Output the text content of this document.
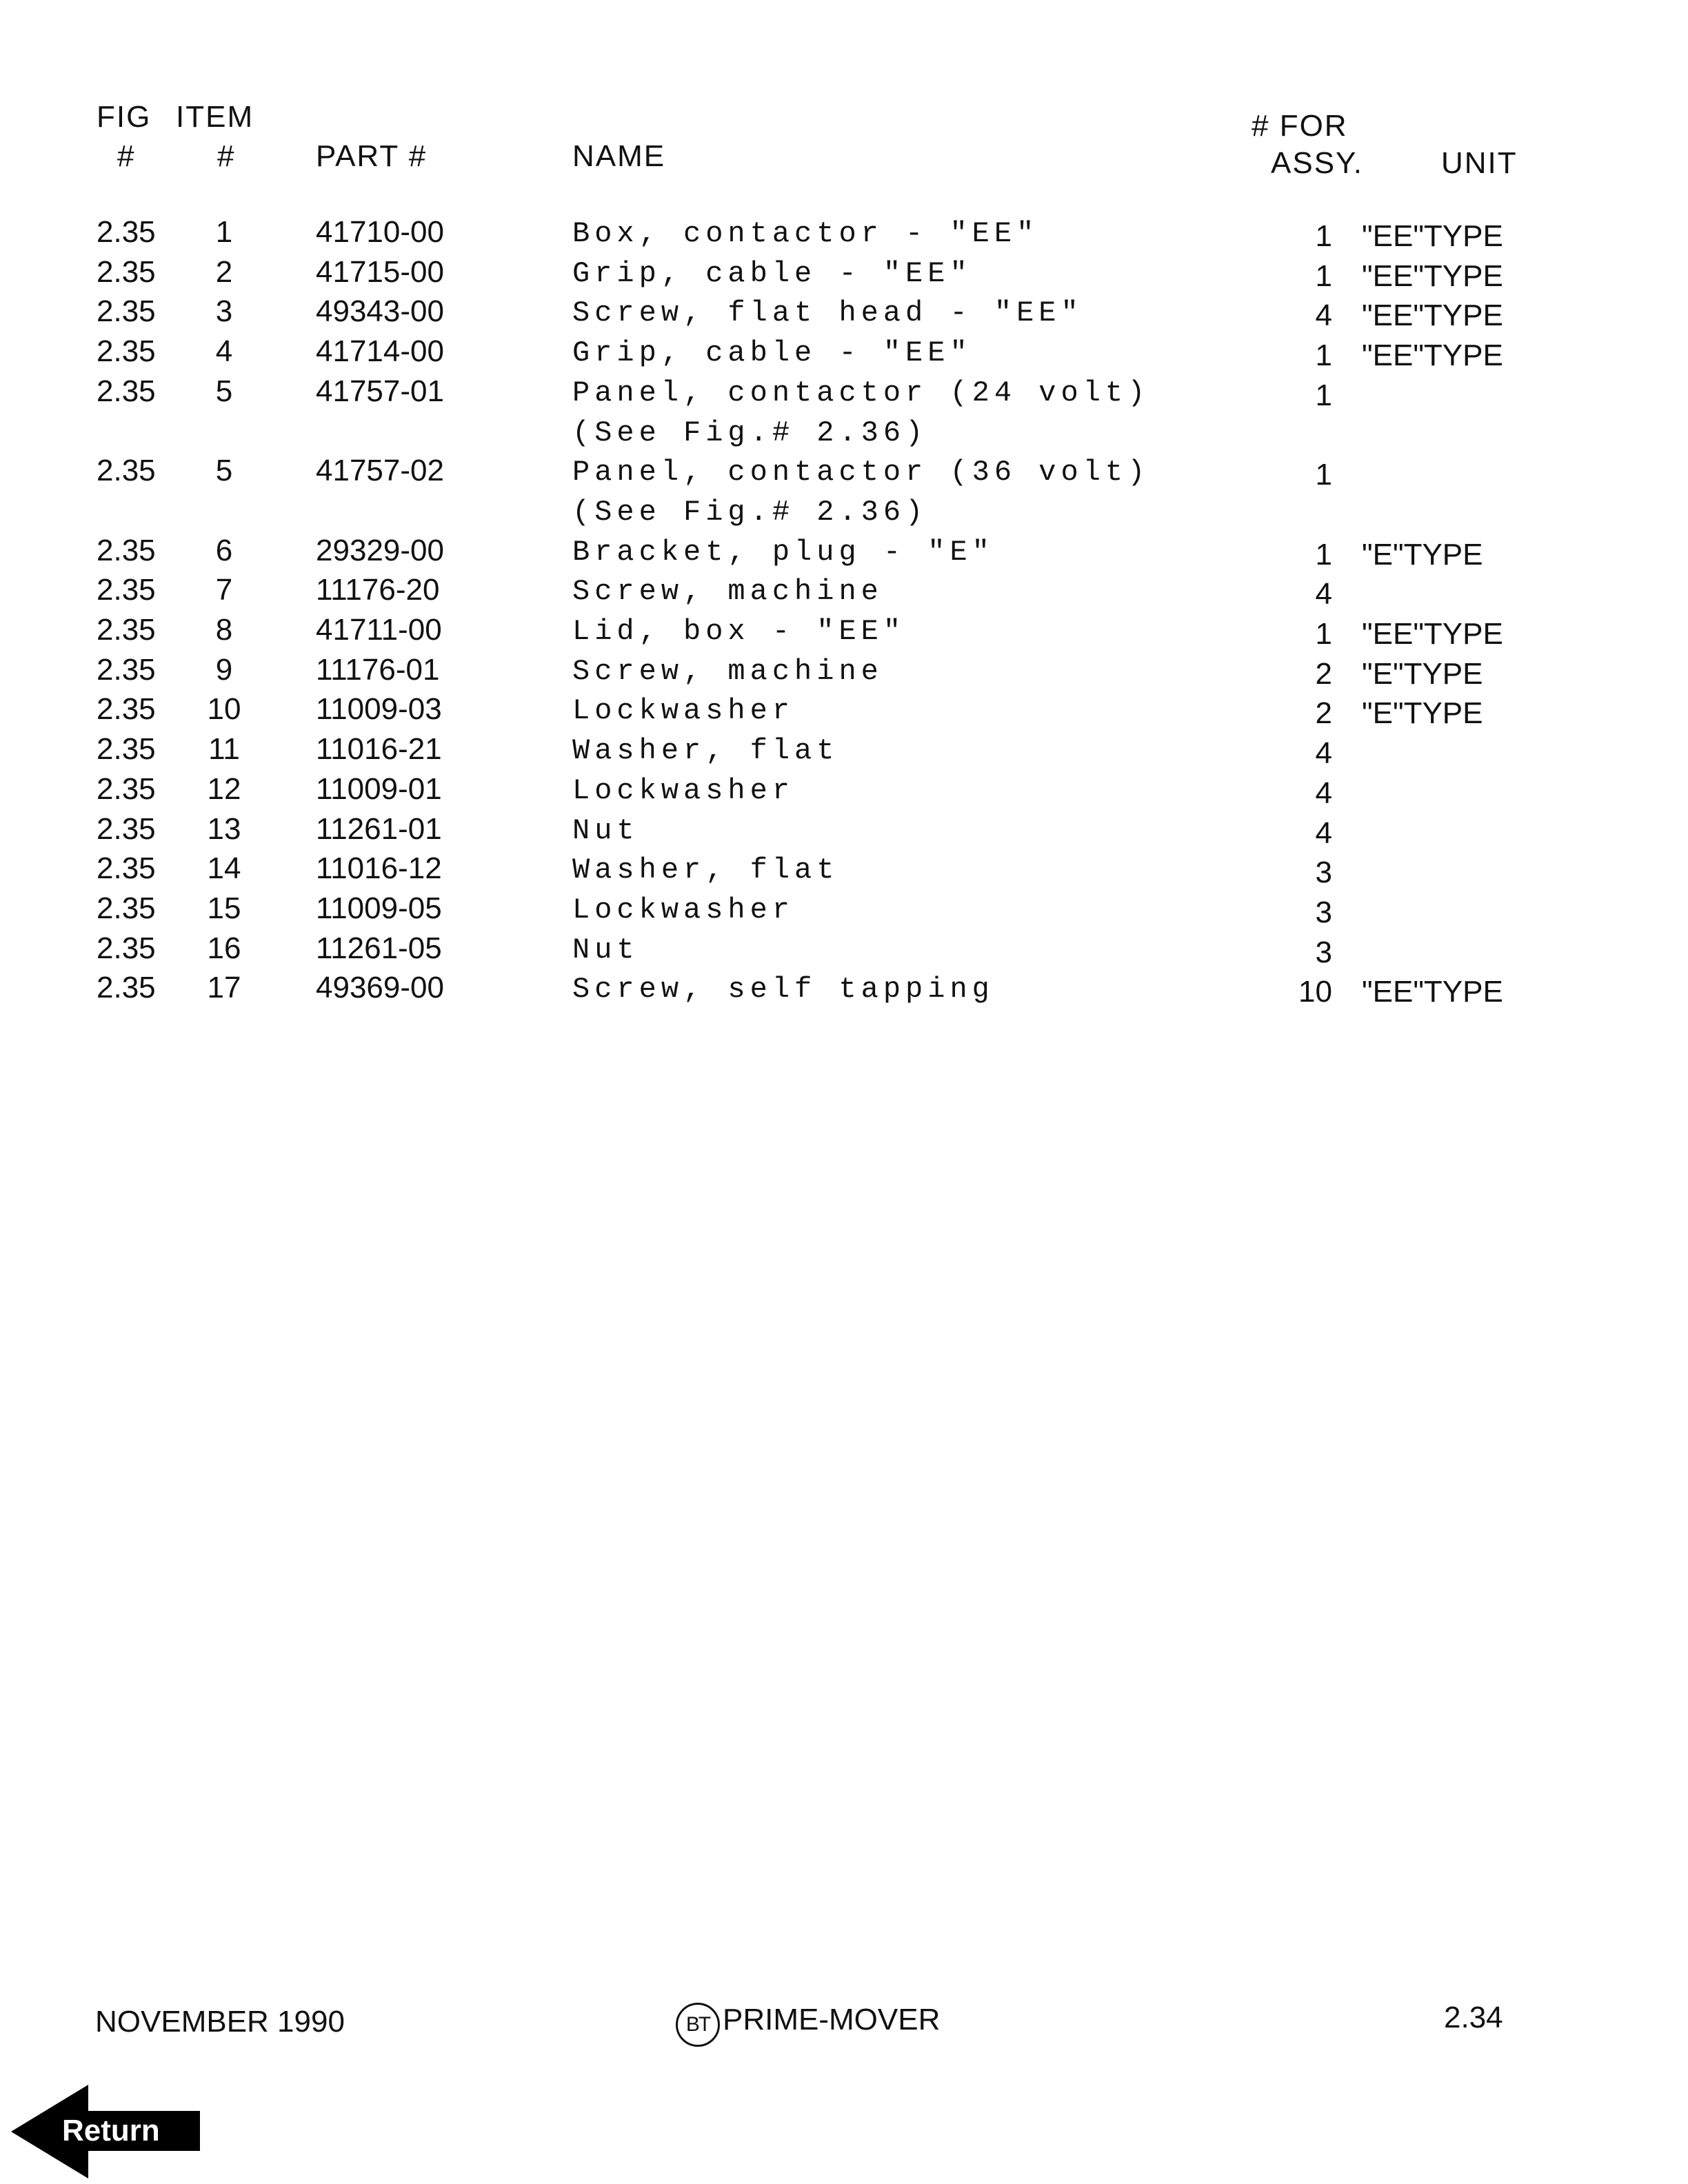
FIG ITEM
#	#	PART #	NAME
# FOR
ASSY.	UNIT
2.35 1	41710-00	Box, contactor - "EE"	1 "EE"TYPE
2.35 2	41715-00	Grip, cable - "EE"	1 "EE"TYPE
2.35 3	49343-00	Screw, flat head - "EE"	4 "EE"TYPE
2.35 4	41714-00	Grip, cable - "EE"	1 "EE"TYPE
2.35 5	41757-01	Panel, contactor (24 volt)	1
(See Fig.# 2.36)
2.35 5	41757-02	Panel, contactor (36 volt)	1
(See Fig.# 2.36)
2.35 6	29329-00	Bracket, plug - "E"	1 "E"TYPE
2.35 7	11176-20	Screw, machine	4
2.35 8	41711-00	Lid, box - "EE"	1 "EE"TYPE
2.35 9	11176-01	Screw, machine	2 "E"TYPE
2.35 10 11009-03	Lockwasher	2 "E"TYPE
2.35 11	11016-21	Washer, flat	4
2.35 12 11009-01	Lockwasher	4
2.35 13 11261-01	Nut	4
2.35 14 11016-12	Washer, flat	3
2.35 15 11009-05	Lockwasher	3
2.35 16 11261-05	Nut	3
2.35 17 49369-00	Screw, self tapping	10 "EE"TYPE
NOVEMBER 1990	BT PRIME-MOVER	2.34
Return
